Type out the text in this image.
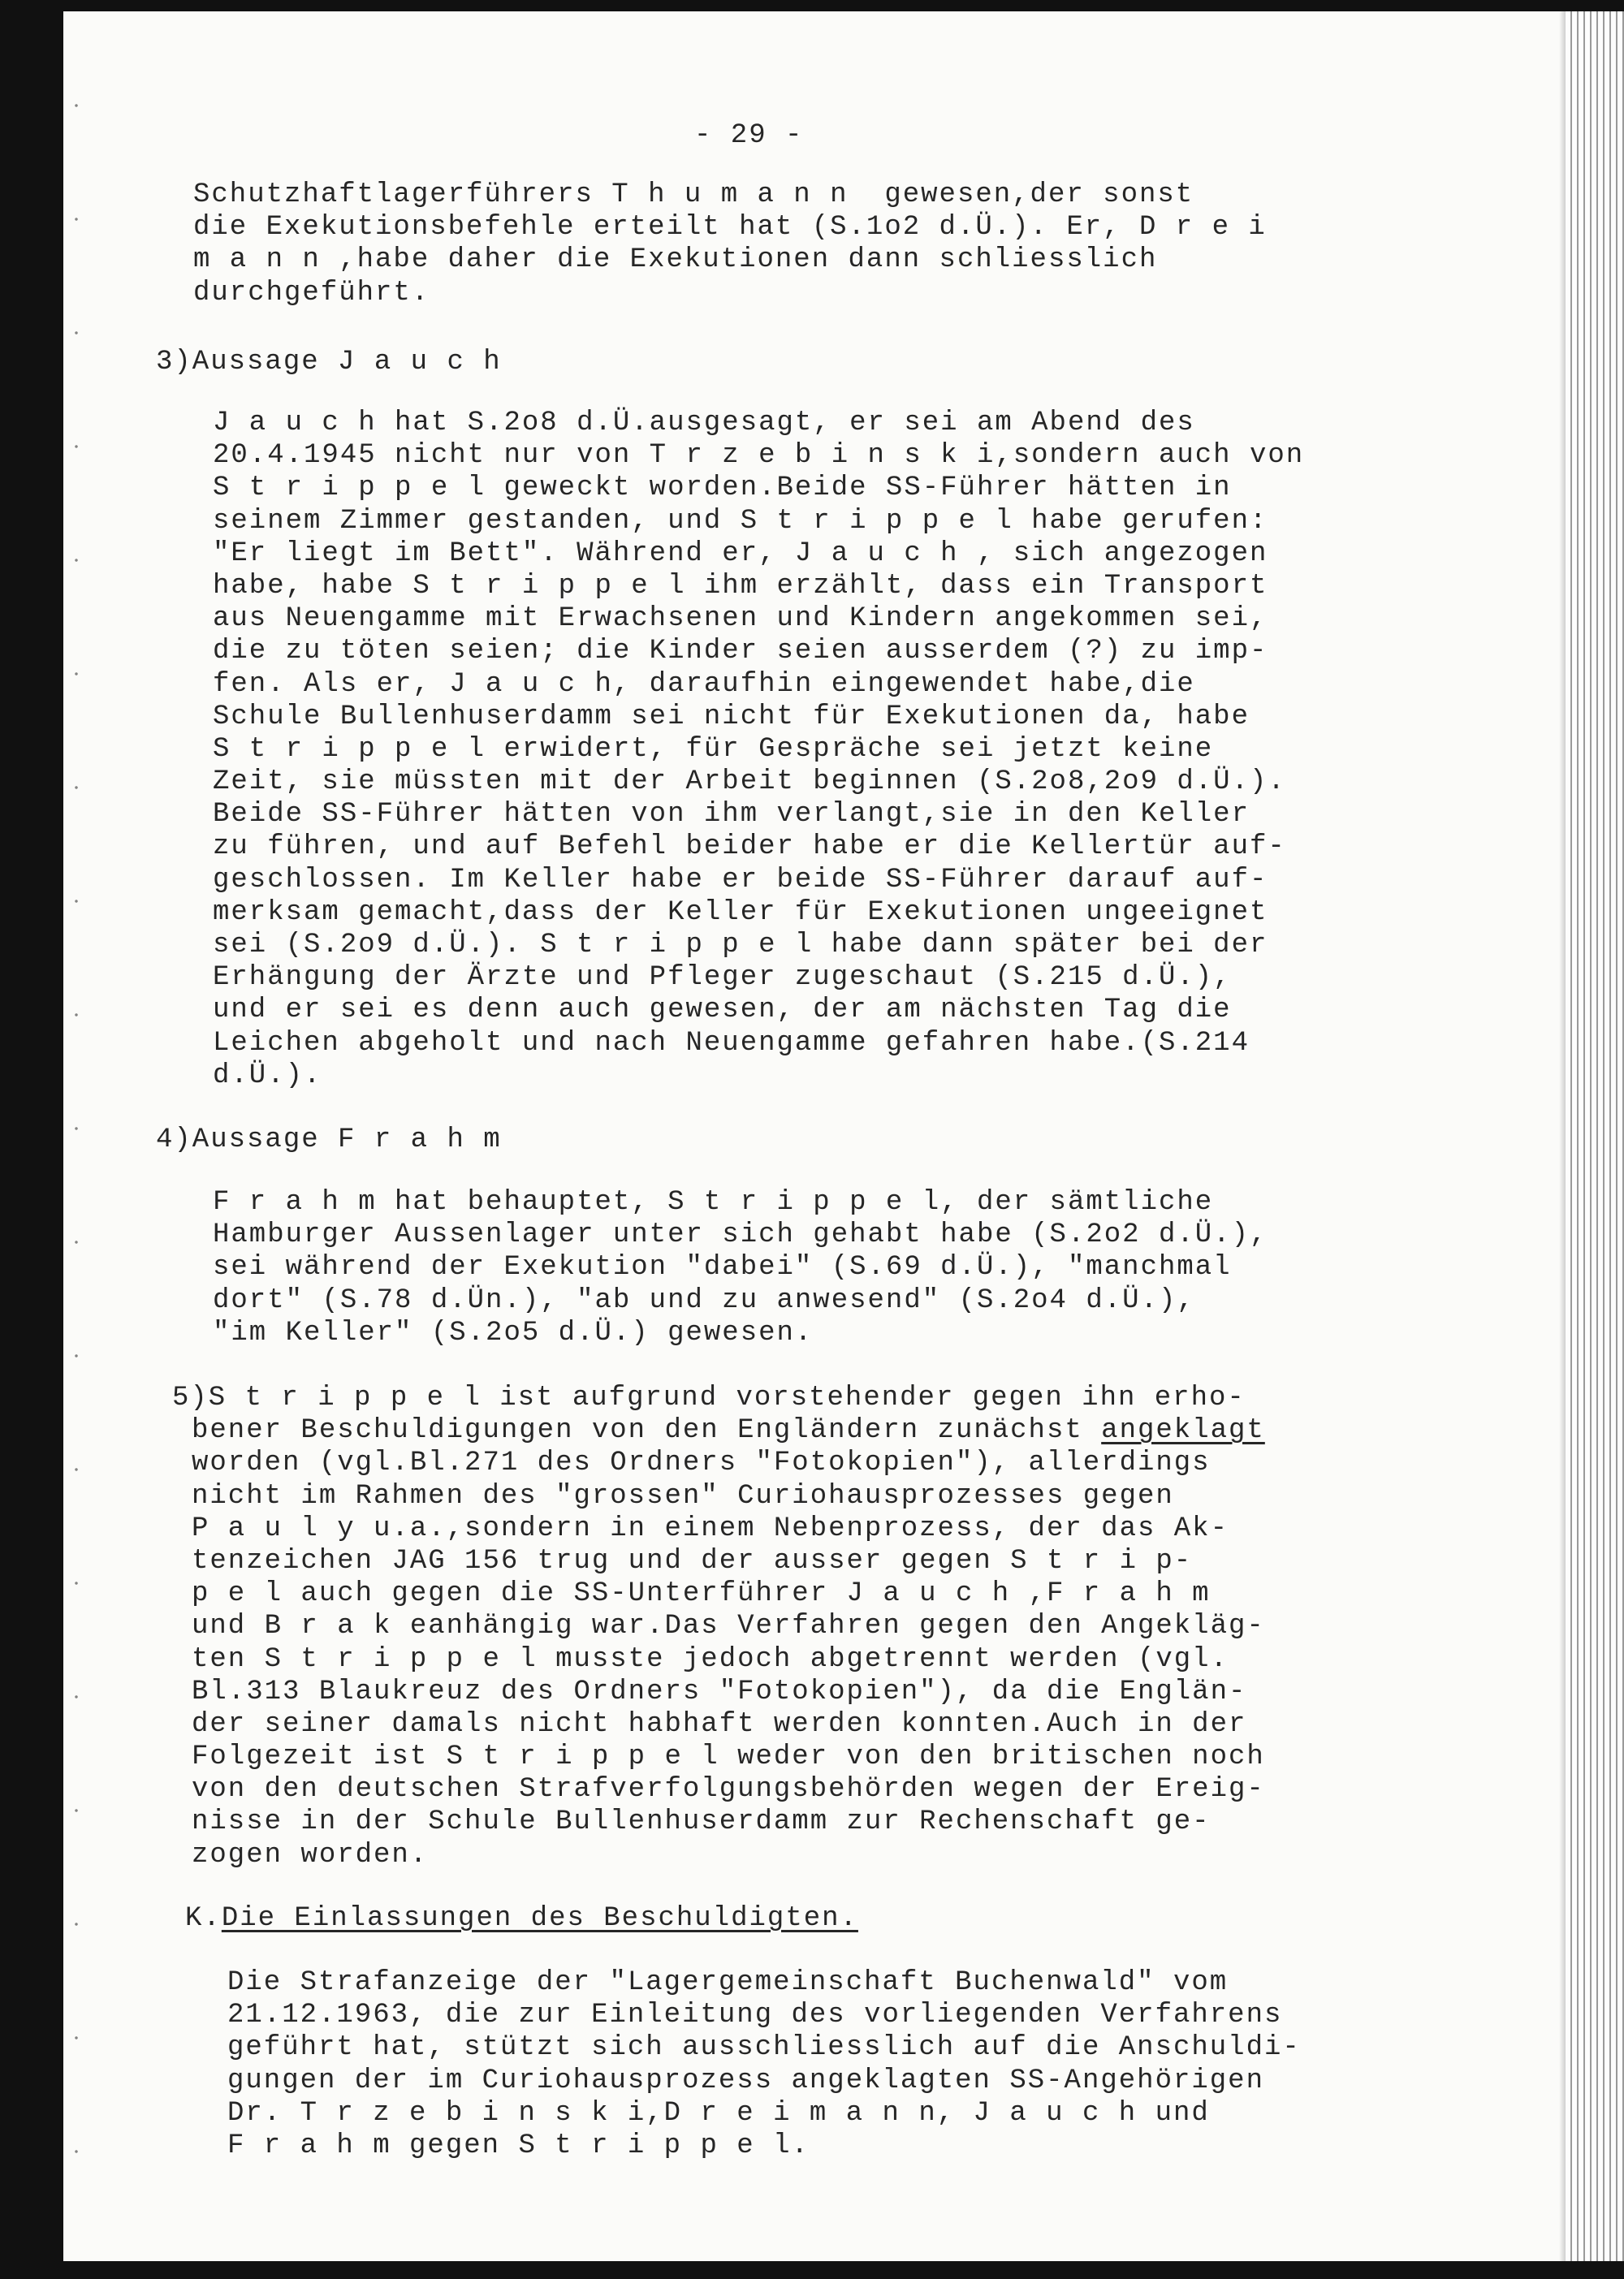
- 29 -
Schutzhaftlagerführers T h u m a n n  gewesen,der sonst
die Exekutionsbefehle erteilt hat (S.1o2 d.Ü.). Er, D r e i
m a n n ,habe daher die Exekutionen dann schliesslich
durchgeführt.
3)Aussage J a u c h
J a u c h hat S.2o8 d.Ü.ausgesagt, er sei am Abend des
20.4.1945 nicht nur von T r z e b i n s k i,sondern auch von
S t r i p p e l geweckt worden.Beide SS-Führer hätten in
seinem Zimmer gestanden, und S t r i p p e l habe gerufen:
"Er liegt im Bett". Während er, J a u c h , sich angezogen
habe, habe S t r i p p e l ihm erzählt, dass ein Transport
aus Neuengamme mit Erwachsenen und Kindern angekommen sei,
die zu töten seien; die Kinder seien ausserdem (?) zu imp-
fen. Als er, J a u c h, daraufhin eingewendet habe,die
Schule Bullenhuserdamm sei nicht für Exekutionen da, habe
S t r i p p e l erwidert, für Gespräche sei jetzt keine
Zeit, sie müssten mit der Arbeit beginnen (S.2o8,2o9 d.Ü.).
Beide SS-Führer hätten von ihm verlangt,sie in den Keller
zu führen, und auf Befehl beider habe er die Kellertür auf-
geschlossen. Im Keller habe er beide SS-Führer darauf auf-
merksam gemacht,dass der Keller für Exekutionen ungeeignet
sei (S.2o9 d.Ü.). S t r i p p e l habe dann später bei der
Erhängung der Ärzte und Pfleger zugeschaut (S.215 d.Ü.),
und er sei es denn auch gewesen, der am nächsten Tag die
Leichen abgeholt und nach Neuengamme gefahren habe.(S.214
d.Ü.).
4)Aussage F r a h m
F r a h m hat behauptet, S t r i p p e l, der sämtliche
Hamburger Aussenlager unter sich gehabt habe (S.2o2 d.Ü.),
sei während der Exekution "dabei" (S.69 d.Ü.), "manchmal
dort" (S.78 d.Ün.), "ab und zu anwesend" (S.2o4 d.Ü.),
"im Keller" (S.2o5 d.Ü.) gewesen.
5)S t r i p p e l ist aufgrund vorstehender gegen ihn erho-
bener Beschuldigungen von den Engländern zunächst angeklagt
worden (vgl.Bl.271 des Ordners "Fotokopien"), allerdings
nicht im Rahmen des "grossen" Curiohausprozesses gegen
P a u l y u.a.,sondern in einem Nebenprozess, der das Ak-
tenzeichen JAG 156 trug und der ausser gegen S t r i p-
p e l auch gegen die SS-Unterführer J a u c h ,F r a h m
und B r a k eanhängig war.Das Verfahren gegen den Angekläg-
ten S t r i p p e l musste jedoch abgetrennt werden (vgl.
Bl.313 Blaukreuz des Ordners "Fotokopien"), da die Englän-
der seiner damals nicht habhaft werden konnten.Auch in der
Folgezeit ist S t r i p p e l weder von den britischen noch
von den deutschen Strafverfolgungsbehörden wegen der Ereig-
nisse in der Schule Bullenhuserdamm zur Rechenschaft ge-
zogen worden.
K.Die Einlassungen des Beschuldigten.
Die Strafanzeige der "Lagergemeinschaft Buchenwald" vom
21.12.1963, die zur Einleitung des vorliegenden Verfahrens
geführt hat, stützt sich ausschliesslich auf die Anschuldi-
gungen der im Curiohausprozess angeklagten SS-Angehörigen
Dr. T r z e b i n s k i,D r e i m a n n, J a u c h und
F r a h m gegen S t r i p p e l.
